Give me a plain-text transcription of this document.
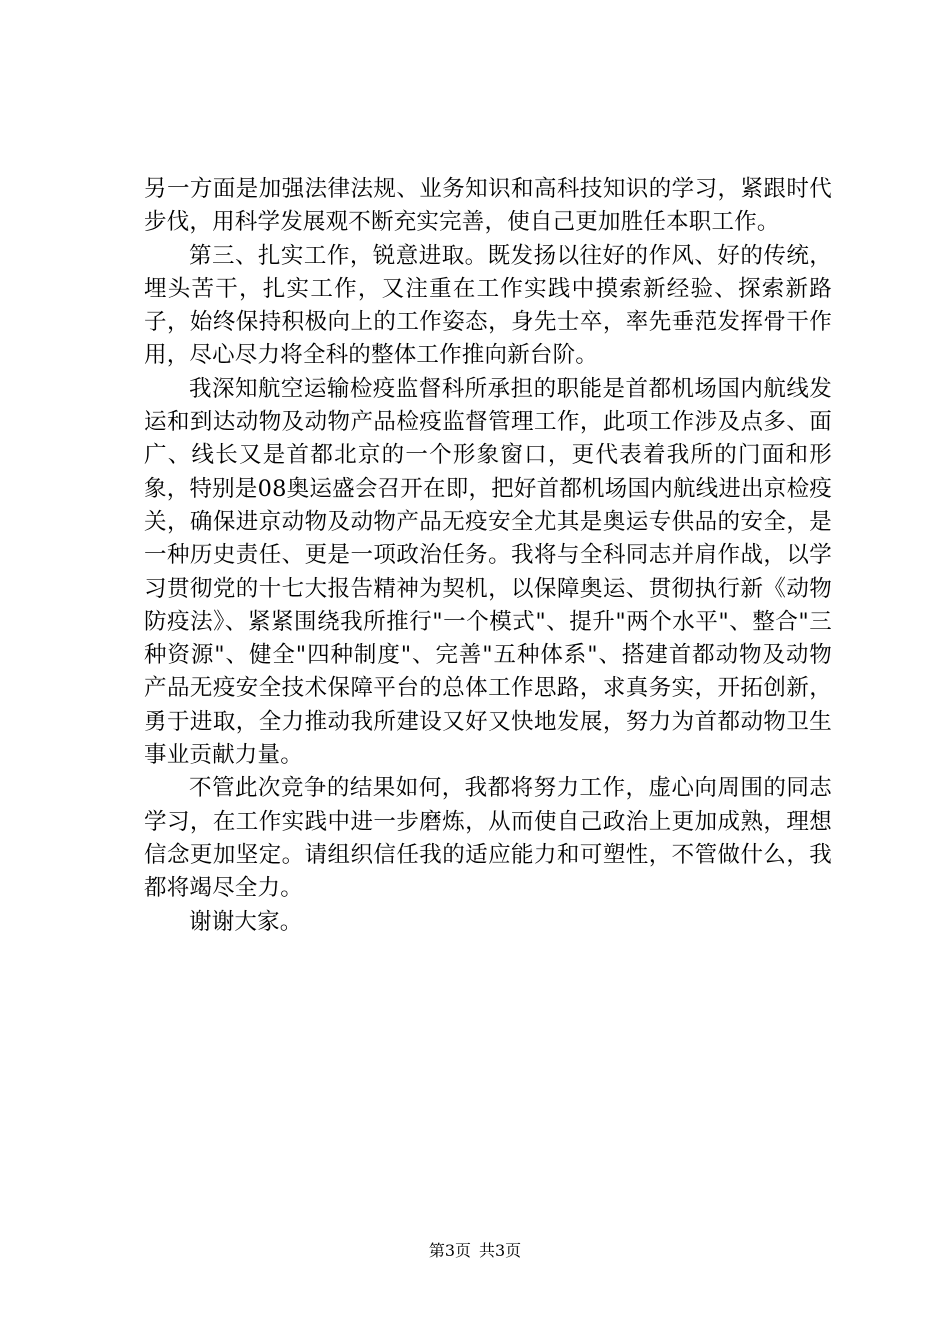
另一方面是加强法律法规、业务知识和高科技知识的学习，紧跟时代步伐，用科学发展观不断充实完善，使自己更加胜任本职工作。

第三、扎实工作，锐意进取。既发扬以往好的作风、好的传统，埋头苦干，扎实工作，又注重在工作实践中摸索新经验、探索新路子，始终保持积极向上的工作姿态，身先士卒，率先垂范发挥骨干作用，尽心尽力将全科的整体工作推向新台阶。

我深知航空运输检疫监督科所承担的职能是首都机场国内航线发运和到达动物及动物产品检疫监督管理工作，此项工作涉及点多、面广、线长又是首都北京的一个形象窗口，更代表着我所的门面和形象，特别是08奥运盛会召开在即，把好首都机场国内航线进出京检疫关，确保进京动物及动物产品无疫安全尤其是奥运专供品的安全，是一种历史责任、更是一项政治任务。我将与全科同志并肩作战，以学习贯彻党的十七大报告精神为契机，以保障奥运、贯彻执行新《动物防疫法》、紧紧围绕我所推行"一个模式"、提升"两个水平"、整合"三种资源"、健全"四种制度"、完善"五种体系"、搭建首都动物及动物产品无疫安全技术保障平台的总体工作思路，求真务实，开拓创新，勇于进取，全力推动我所建设又好又快地发展，努力为首都动物卫生事业贡献力量。

不管此次竞争的结果如何，我都将努力工作，虚心向周围的同志学习，在工作实践中进一步磨炼，从而使自己政治上更加成熟，理想信念更加坚定。请组织信任我的适应能力和可塑性，不管做什么，我都将竭尽全力。

谢谢大家。

第3页 共3页
